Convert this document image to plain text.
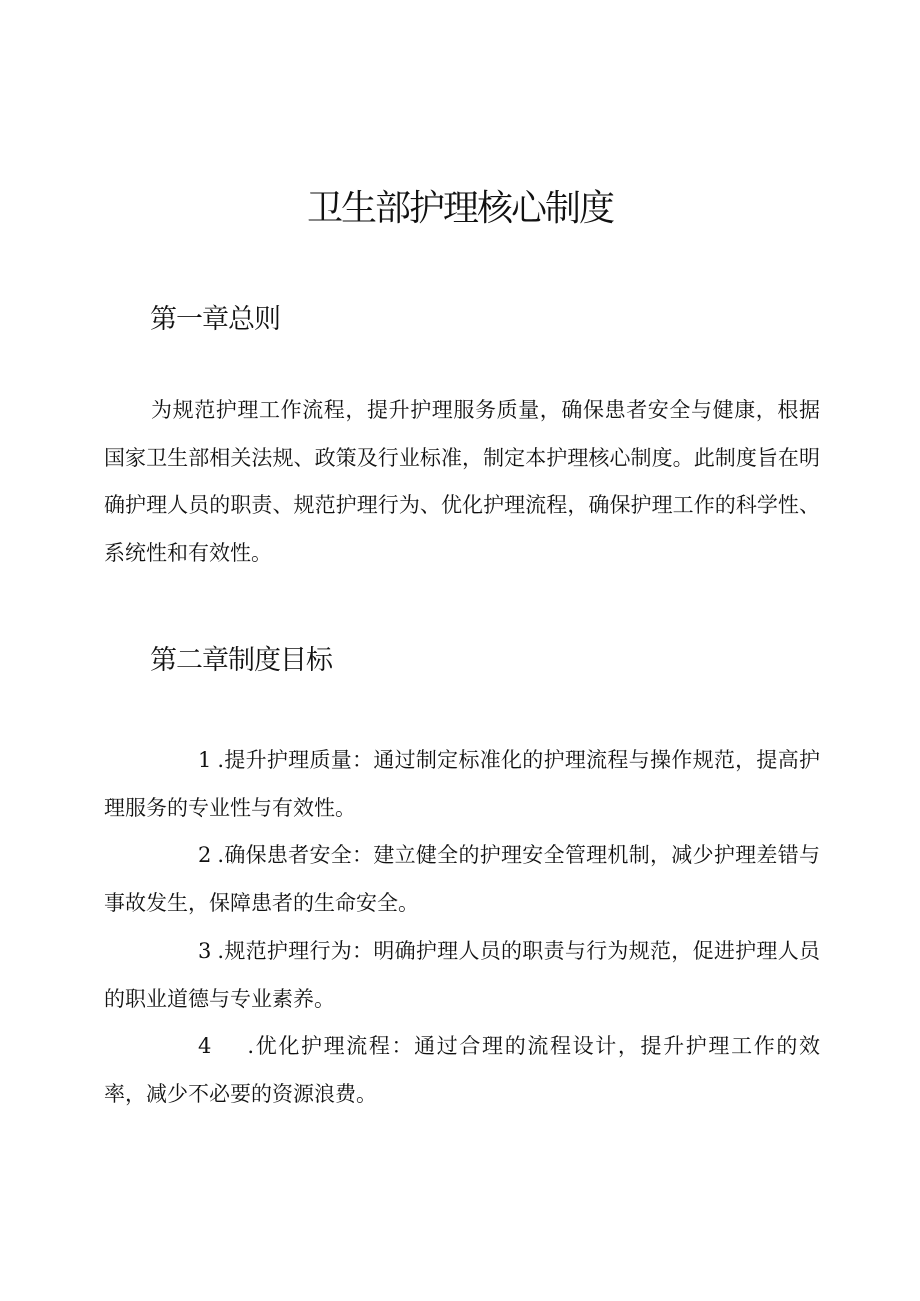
卫生部护理核心制度
第一章总则

为规范护理工作流程，提升护理服务质量，确保患者安全与健康，根据国家卫生部相关法规、政策及行业标准，制定本护理核心制度。此制度旨在明确护理人员的职责、规范护理行为、优化护理流程，确保护理工作的科学性、系统性和有效性。

第二章制度目标

1 .提升护理质量：通过制定标准化的护理流程与操作规范，提高护理服务的专业性与有效性。

2 .确保患者安全：建立健全的护理安全管理机制，减少护理差错与事故发生，保障患者的生命安全。

3 .规范护理行为：明确护理人员的职责与行为规范，促进护理人员的职业道德与专业素养。

4 .优化护理流程：通过合理的流程设计，提升护理工作的效率，减少不必要的资源浪费。
